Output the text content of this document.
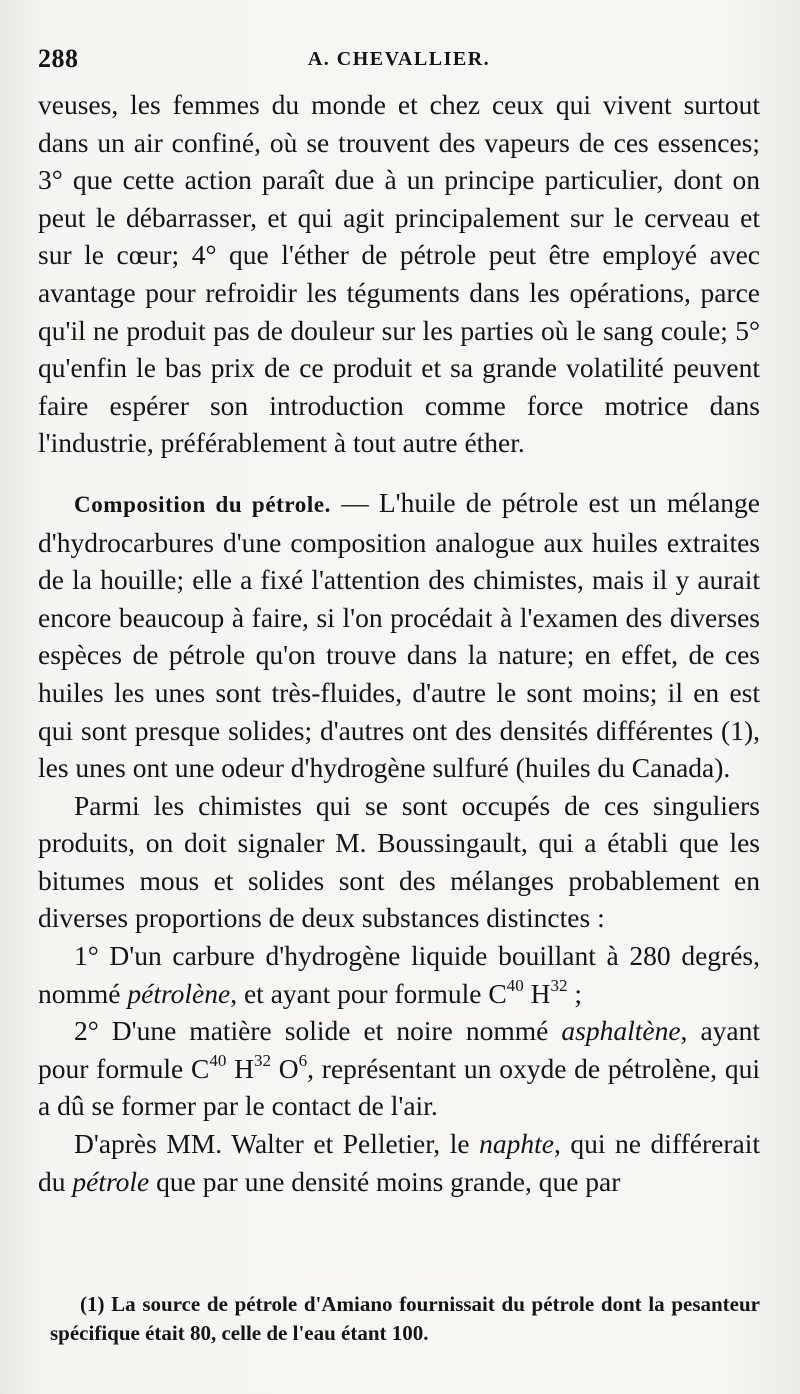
288	A. CHEVALLIER.

veuses, les femmes du monde et chez ceux qui vivent surtout dans un air confiné, où se trouvent des vapeurs de ces essences; 3° que cette action paraît due à un principe particulier, dont on peut le débarrasser, et qui agit principalement sur le cerveau et sur le cœur; 4° que l'éther de pétrole peut être employé avec avantage pour refroidir les téguments dans les opérations, parce qu'il ne produit pas de douleur sur les parties où le sang coule; 5° qu'enfin le bas prix de ce produit et sa grande volatilité peuvent faire espérer son introduction comme force motrice dans l'industrie, préférablement à tout autre éther.

Composition du pétrole. — L'huile de pétrole est un mélange d'hydrocarbures d'une composition analogue aux huiles extraites de la houille; elle a fixé l'attention des chimistes, mais il y aurait encore beaucoup à faire, si l'on procédait à l'examen des diverses espèces de pétrole qu'on trouve dans la nature; en effet, de ces huiles les unes sont très-fluides, d'autre le sont moins; il en est qui sont presque solides; d'autres ont des densités différentes (1), les unes ont une odeur d'hydrogène sulfuré (huiles du Canada).

Parmi les chimistes qui se sont occupés de ces singuliers produits, on doit signaler M. Boussingault, qui a établi que les bitumes mous et solides sont des mélanges probablement en diverses proportions de deux substances distinctes :

1° D'un carbure d'hydrogène liquide bouillant à 280 degrés, nommé pétrolène, et ayant pour formule $C^{40}$ $H^{32}$ ;

2° D'une matière solide et noire nommé asphaltène, ayant pour formule $C^{40}$ $H^{32}$ $O^6$, représentant un oxyde de pétrolène, qui a dû se former par le contact de l'air.

D'après MM. Walter et Pelletier, le naphte, qui ne différerait du pétrole que par une densité moins grande, que par

(1) La source de pétrole d'Amiano fournissait du pétrole dont la pesanteur spécifique était 80, celle de l'eau étant 100.
